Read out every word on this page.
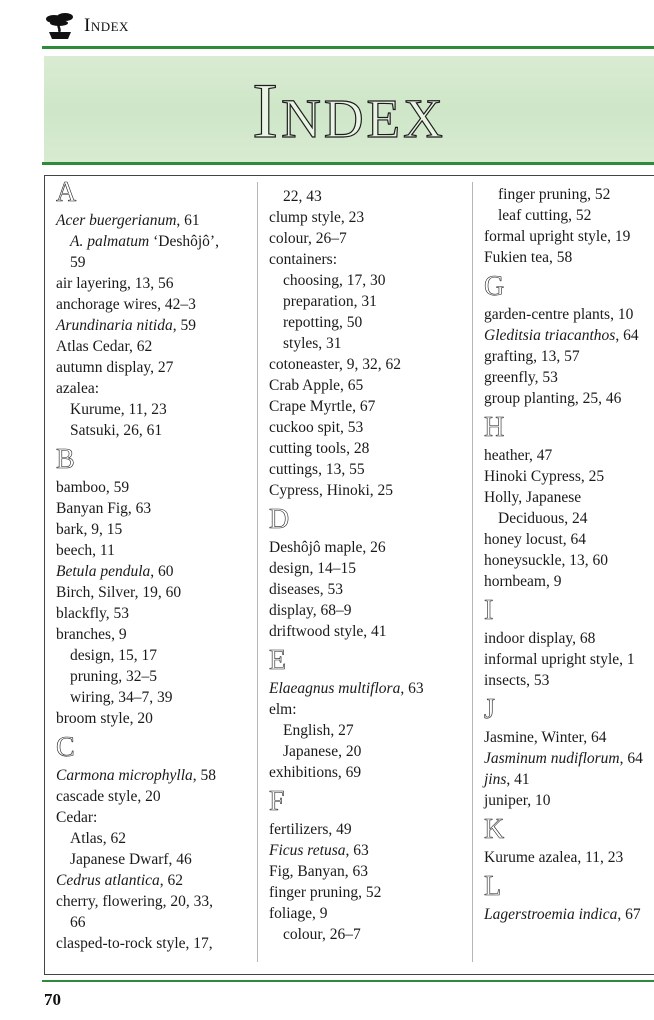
Index
Index
A
Acer buergerianum, 61
A. palmatum ‘Deshôjô’,
59
air layering, 13, 56
anchorage wires, 42–3
Arundinaria nitida, 59
Atlas Cedar, 62
autumn display, 27
azalea:
Kurume, 11, 23
Satsuki, 26, 61
B
bamboo, 59
Banyan Fig, 63
bark, 9, 15
beech, 11
Betula pendula, 60
Birch, Silver, 19, 60
blackfly, 53
branches, 9
design, 15, 17
pruning, 32–5
wiring, 34–7, 39
broom style, 20
C
Carmona microphylla, 58
cascade style, 20
Cedar:
Atlas, 62
Japanese Dwarf, 46
Cedrus atlantica, 62
cherry, flowering, 20, 33,
66
clasped-to-rock style, 17,
22, 43
clump style, 23
colour, 26–7
containers:
choosing, 17, 30
preparation, 31
repotting, 50
styles, 31
cotoneaster, 9, 32, 62
Crab Apple, 65
Crape Myrtle, 67
cuckoo spit, 53
cutting tools, 28
cuttings, 13, 55
Cypress, Hinoki, 25
D
Deshôjô maple, 26
design, 14–15
diseases, 53
display, 68–9
driftwood style, 41
E
Elaeagnus multiflora, 63
elm:
English, 27
Japanese, 20
exhibitions, 69
F
fertilizers, 49
Ficus retusa, 63
Fig, Banyan, 63
finger pruning, 52
foliage, 9
colour, 26–7
finger pruning, 52
leaf cutting, 52
formal upright style, 19
Fukien tea, 58
G
garden-centre plants, 10
Gleditsia triacanthos, 64
grafting, 13, 57
greenfly, 53
group planting, 25, 46
H
heather, 47
Hinoki Cypress, 25
Holly, Japanese
Deciduous, 24
honey locust, 64
honeysuckle, 13, 60
hornbeam, 9
I
indoor display, 68
informal upright style, 1
insects, 53
J
Jasmine, Winter, 64
Jasminum nudiflorum, 64
jins, 41
juniper, 10
K
Kurume azalea, 11, 23
L
Lagerstroemia indica, 67
70
